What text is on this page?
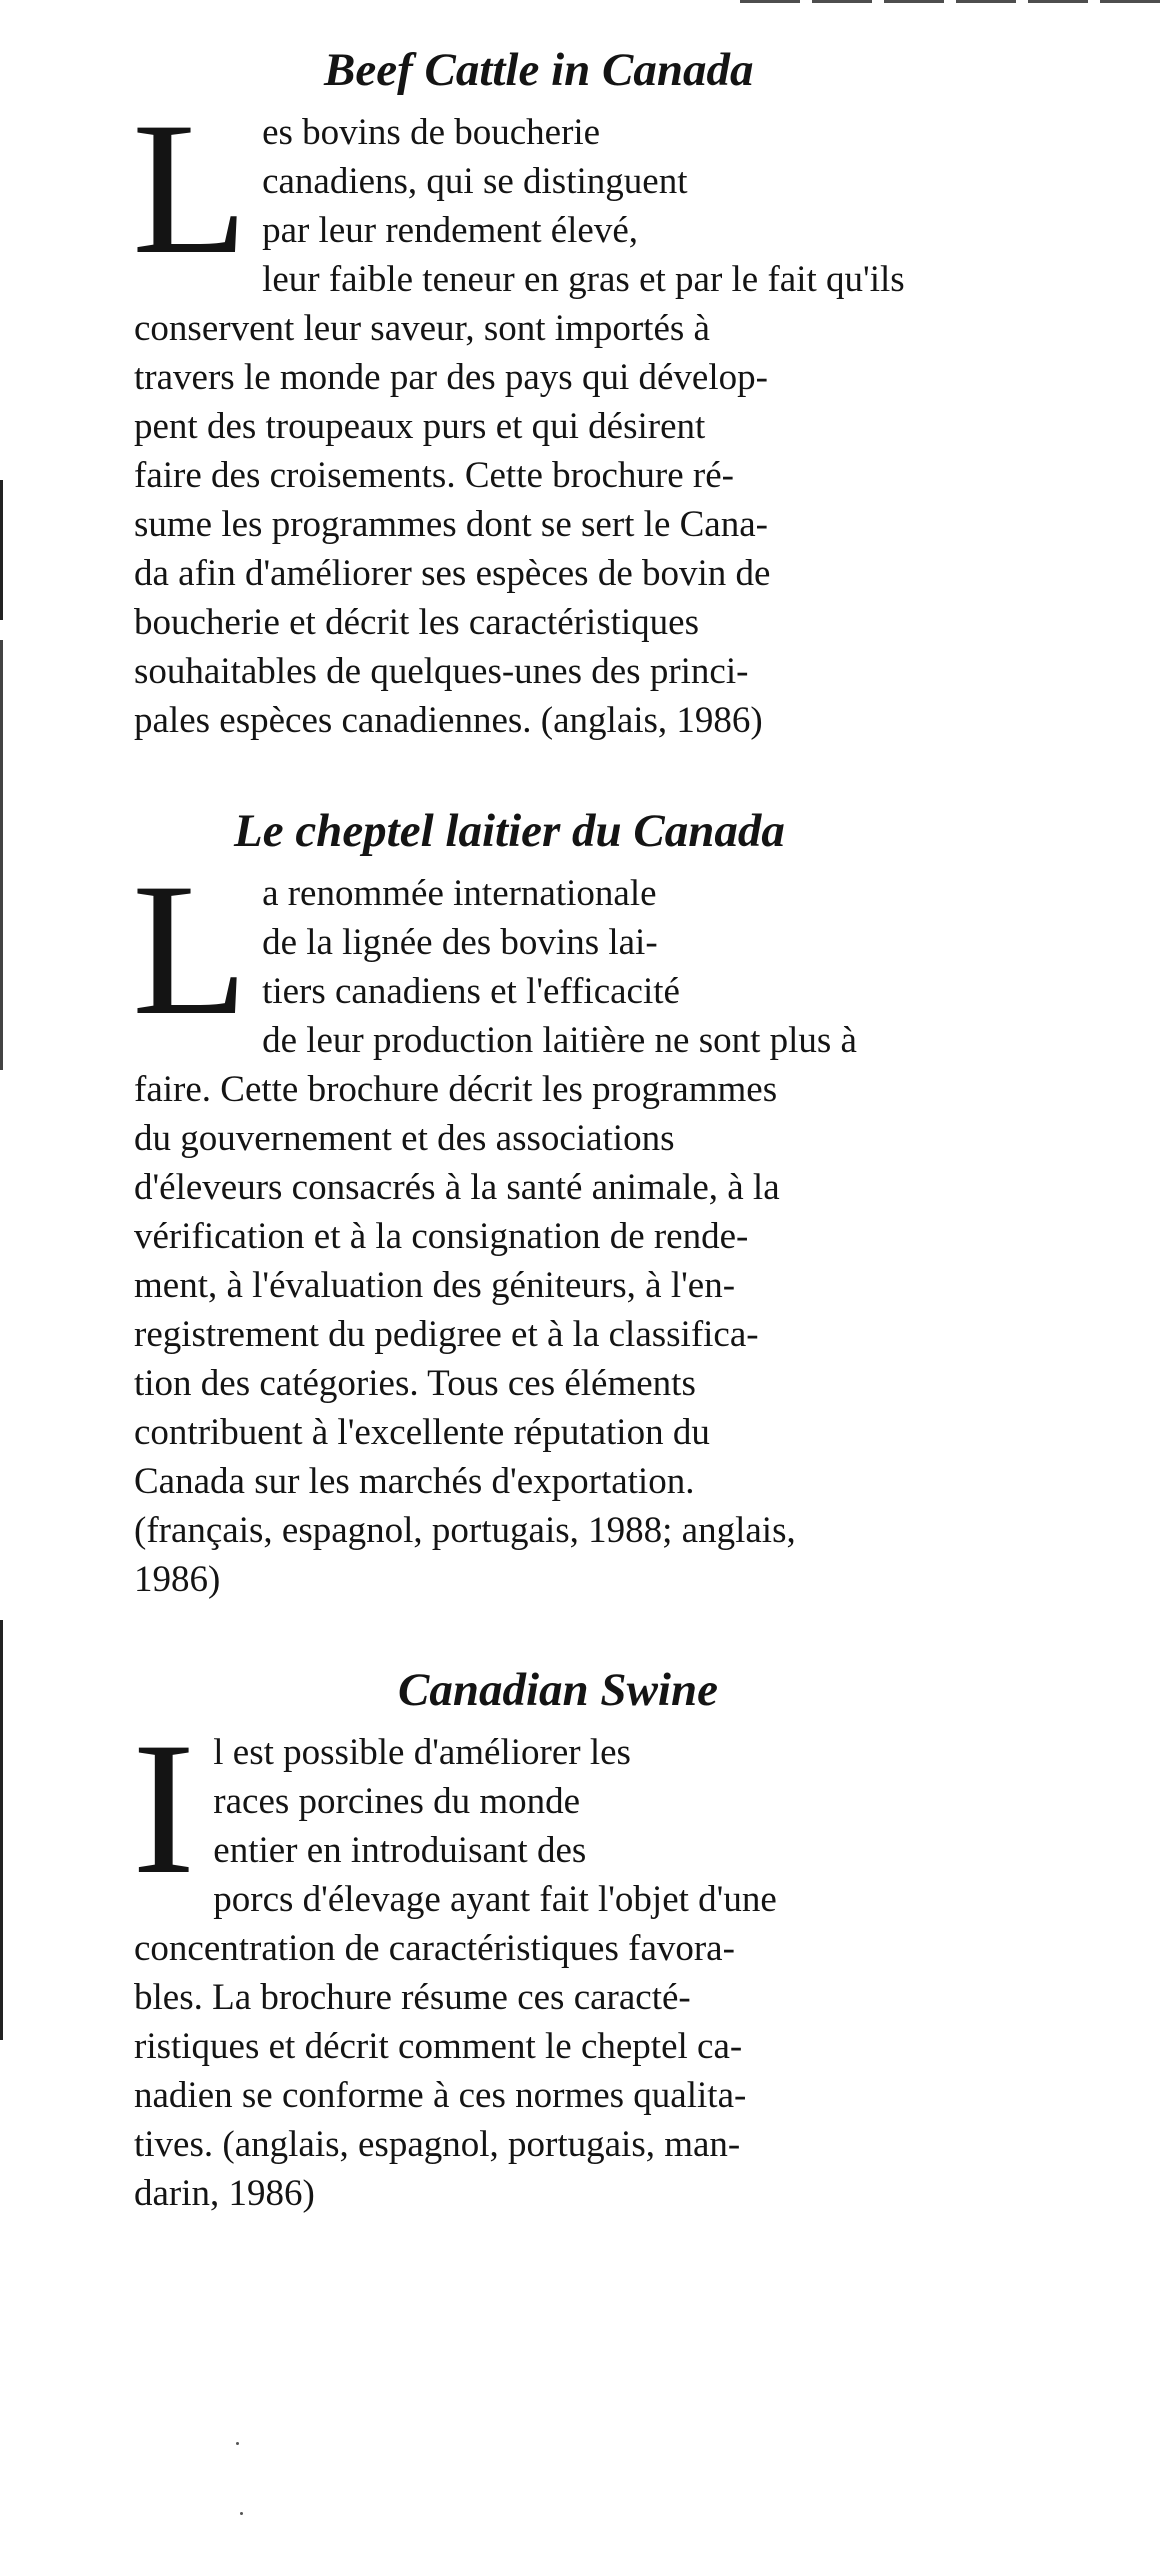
Beef Cattle in Canada

Les bovins de boucherie
canadiens, qui se distinguent
par leur rendement élevé,
leur faible teneur en gras et par le fait qu'ils
conservent leur saveur, sont importés à
travers le monde par des pays qui dévelop-
pent des troupeaux purs et qui désirent
faire des croisements. Cette brochure ré-
sume les programmes dont se sert le Cana-
da afin d'améliorer ses espèces de bovin de
boucherie et décrit les caractéristiques
souhaitables de quelques-unes des princi-
pales espèces canadiennes. (anglais, 1986)

Le cheptel laitier du Canada

La renommée internationale
de la lignée des bovins lai-
tiers canadiens et l'efficacité
de leur production laitière ne sont plus à
faire. Cette brochure décrit les programmes
du gouvernement et des associations
d'éleveurs consacrés à la santé animale, à la
vérification et à la consignation de rende-
ment, à l'évaluation des géniteurs, à l'en-
registrement du pedigree et à la classifica-
tion des catégories. Tous ces éléments
contribuent à l'excellente réputation du
Canada sur les marchés d'exportation.
(français, espagnol, portugais, 1988; anglais,
1986)

Canadian Swine

Il est possible d'améliorer les
races porcines du monde
entier en introduisant des
porcs d'élevage ayant fait l'objet d'une
concentration de caractéristiques favora-
bles. La brochure résume ces caracté-
ristiques et décrit comment le cheptel ca-
nadien se conforme à ces normes qualita-
tives. (anglais, espagnol, portugais, man-
darin, 1986)
